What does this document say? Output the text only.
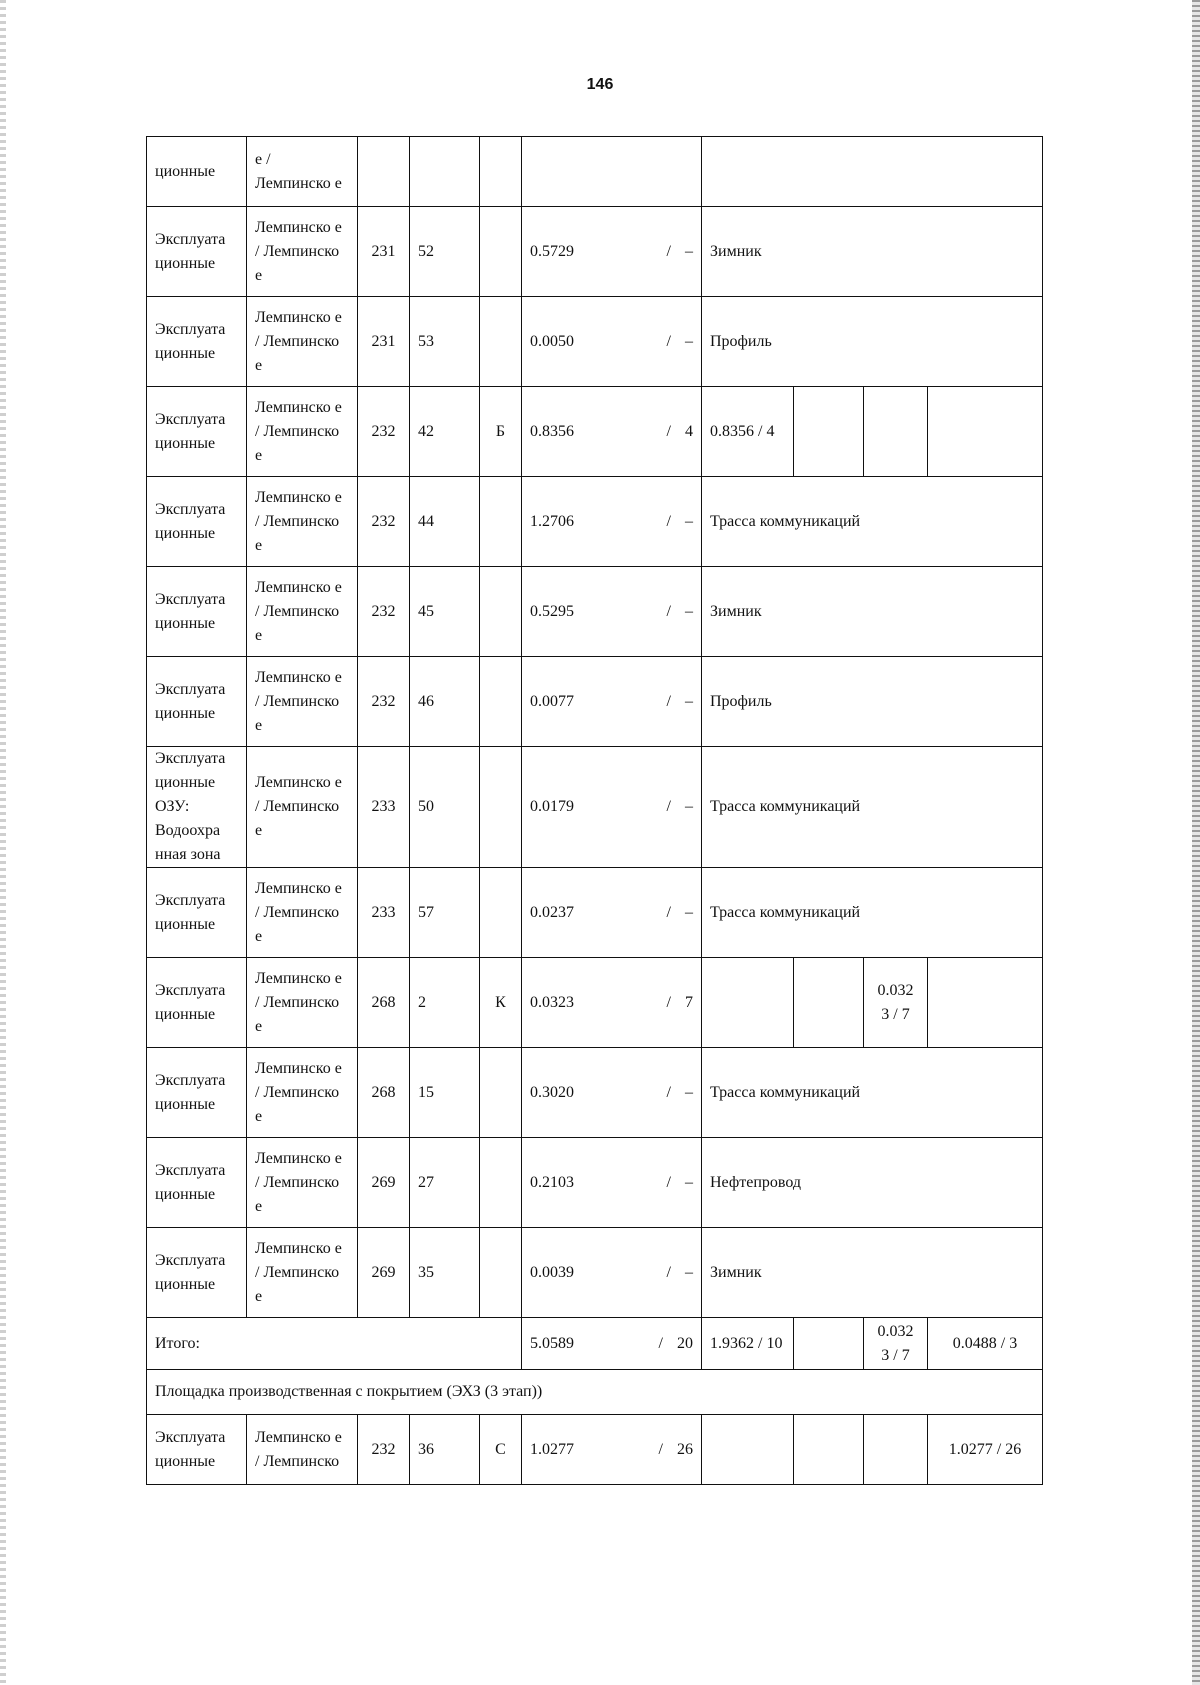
146
ционные	е / Лемпинско е								
Эксплуата ционные	Лемпинско е / Лемпинско е	231	52		0.5729 / –	Зимник			
Эксплуата ционные	Лемпинско е / Лемпинско е	231	53		0.0050 / –	Профиль			
Эксплуата ционные	Лемпинско е / Лемпинско е	232	42	Б	0.8356 / 4	0.8356 / 4			
Эксплуата ционные	Лемпинско е / Лемпинско е	232	44		1.2706 / –	Трасса коммуникаций			
Эксплуата ционные	Лемпинско е / Лемпинско е	232	45		0.5295 / –	Зимник			
Эксплуата ционные	Лемпинско е / Лемпинско е	232	46		0.0077 / –	Профиль			
Эксплуата ционные ОЗУ: Водоохра нная зона	Лемпинско е / Лемпинско е	233	50		0.0179 / –	Трасса коммуникаций			
Эксплуата ционные	Лемпинско е / Лемпинско е	233	57		0.0237 / –	Трасса коммуникаций			
Эксплуата ционные	Лемпинско е / Лемпинско е	268	2	К	0.0323 / 7			0.032 3 / 7	
Эксплуата ционные	Лемпинско е / Лемпинско е	268	15		0.3020 / –	Трасса коммуникаций			
Эксплуата ционные	Лемпинско е / Лемпинско е	269	27		0.2103 / –	Нефтепровод			
Эксплуата ционные	Лемпинско е / Лемпинско е	269	35		0.0039 / –	Зимник			
Итого:					5.0589 / 20	1.9362 / 10		0.032 3 / 7	0.0488 / 3
Площадка производственная с покрытием (ЭХЗ (3 этап))									
Эксплуата ционные	Лемпинско е / Лемпинско	232	36	С	1.0277 / 26				1.0277 / 26
